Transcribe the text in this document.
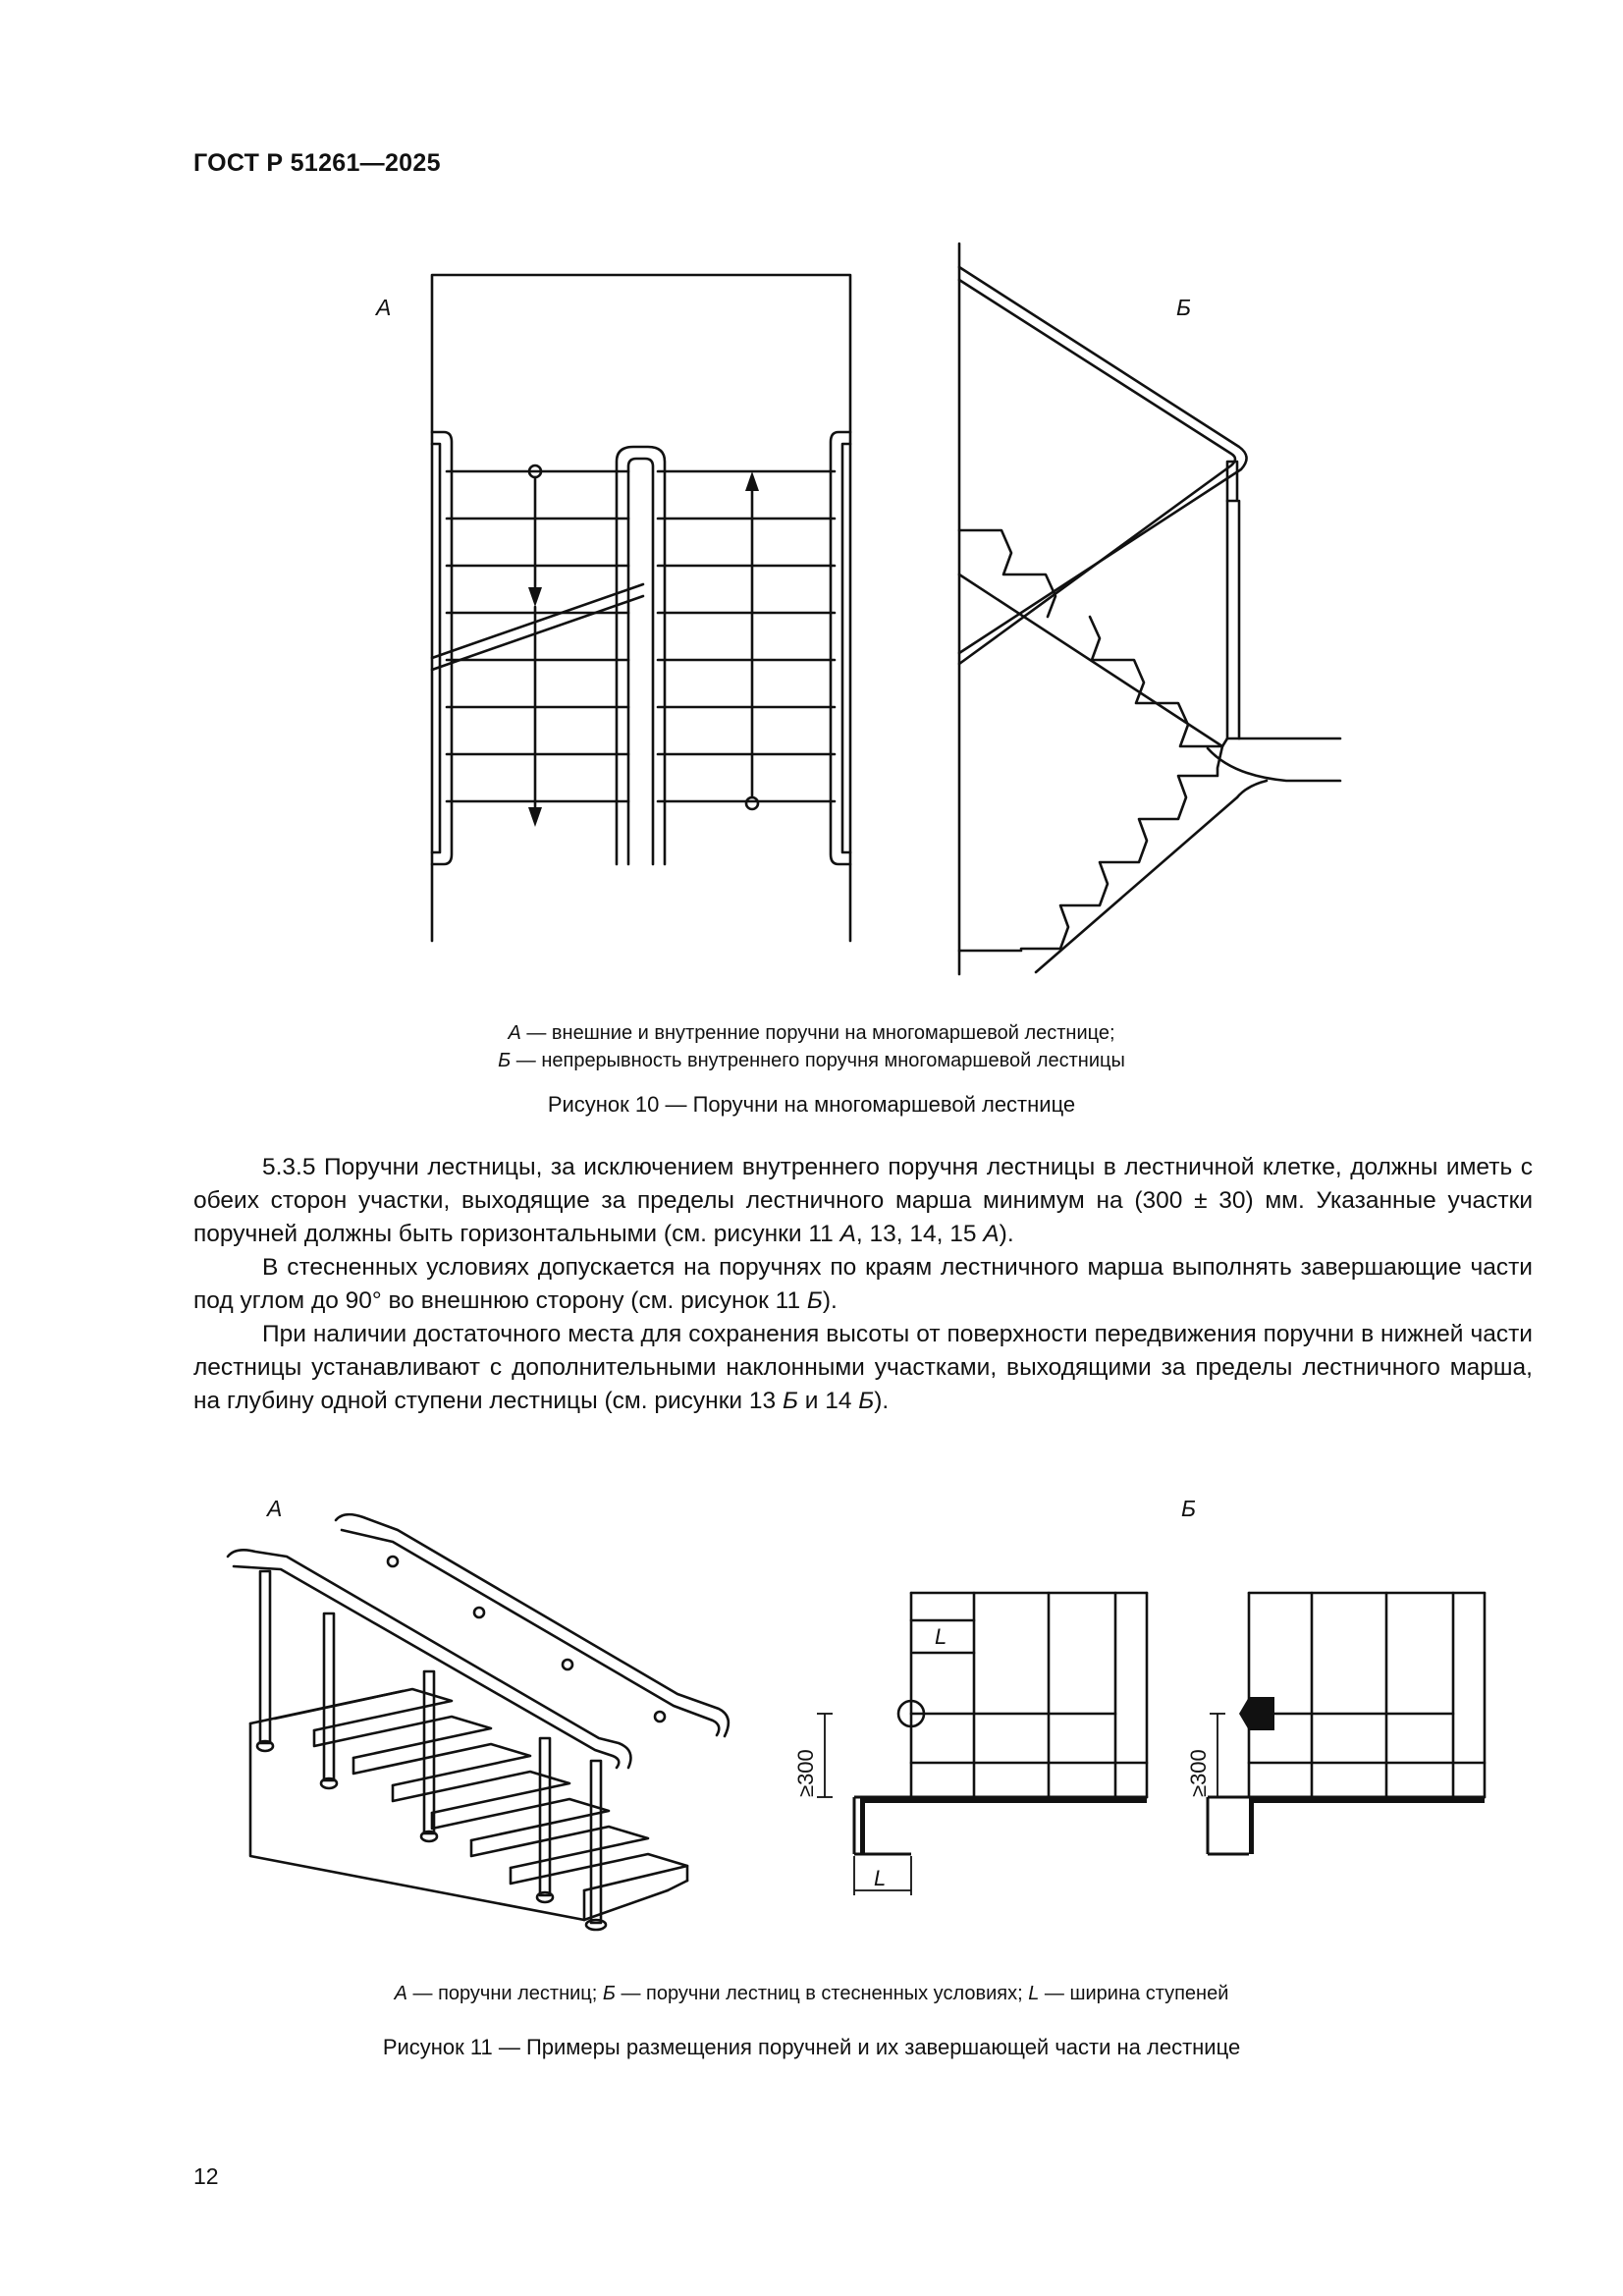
ГОСТ Р 51261—2025
А	Б
А — внешние и внутренние поручни на многомаршевой лестнице;
Б — непрерывность внутреннего поручня многомаршевой лестницы
Рисунок 10 — Поручни на многомаршевой лестнице

5.3.5 Поручни лестницы, за исключением внутреннего поручня лестницы в лестничной клетке, должны иметь с обеих сторон участки, выходящие за пределы лестничного марша минимум на (300 ± 30) мм. Указанные участки поручней должны быть горизонтальными (см. рисунки 11 А, 13, 14, 15 А).

В стесненных условиях допускается на поручнях по краям лестничного марша выполнять завершающие части под углом до 90° во внешнюю сторону (см. рисунок 11 Б).

При наличии достаточного места для сохранения высоты от поверхности передвижения поручни в нижней части лестницы устанавливают с дополнительными наклонными участками, выходящими за пределы лестничного марша, на глубину одной ступени лестницы (см. рисунки 13 Б и 14 Б).

L
L
≥300	≥300
А	Б
А — поручни лестниц; Б — поручни лестниц в стесненных условиях; L — ширина ступеней
Рисунок 11 — Примеры размещения поручней и их завершающей части на лестнице
12
